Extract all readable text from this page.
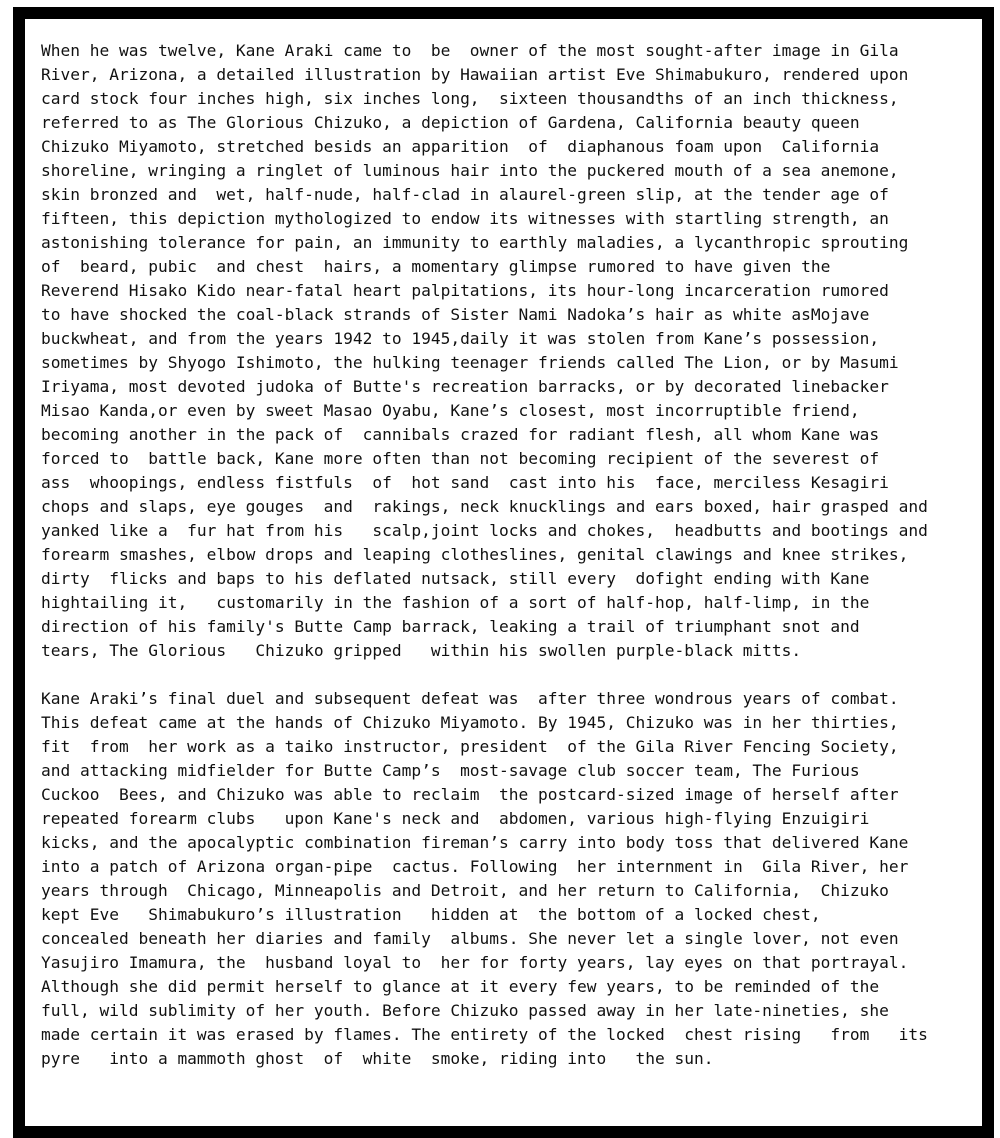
When he was twelve, Kane Araki came to  be  owner of the most sought-after image in Gila
River, Arizona, a detailed illustration by Hawaiian artist Eve Shimabukuro, rendered upon
card stock four inches high, six inches long,  sixteen thousandths of an inch thickness,
referred to as The Glorious Chizuko, a depiction of Gardena, California beauty queen
Chizuko Miyamoto, stretched besids an apparition  of  diaphanous foam upon  California
shoreline, wringing a ringlet of luminous hair into the puckered mouth of a sea anemone,
skin bronzed and  wet, half-nude, half-clad in alaurel-green slip, at the tender age of
fifteen, this depiction mythologized to endow its witnesses with startling strength, an
astonishing tolerance for pain, an immunity to earthly maladies, a lycanthropic sprouting
of  beard, pubic  and chest  hairs, a momentary glimpse rumored to have given the
Reverend Hisako Kido near-fatal heart palpitations, its hour-long incarceration rumored
to have shocked the coal-black strands of Sister Nami Nadoka’s hair as white asMojave
buckwheat, and from the years 1942 to 1945,daily it was stolen from Kane’s possession,
sometimes by Shyogo Ishimoto, the hulking teenager friends called The Lion, or by Masumi
Iriyama, most devoted judoka of Butte's recreation barracks, or by decorated linebacker
Misao Kanda,or even by sweet Masao Oyabu, Kane’s closest, most incorruptible friend,
becoming another in the pack of  cannibals crazed for radiant flesh, all whom Kane was
forced to  battle back, Kane more often than not becoming recipient of the severest of
ass  whoopings, endless fistfuls  of  hot sand  cast into his  face, merciless Kesagiri
chops and slaps, eye gouges  and  rakings, neck knucklings and ears boxed, hair grasped and
yanked like a  fur hat from his   scalp,joint locks and chokes,  headbutts and bootings and
forearm smashes, elbow drops and leaping clotheslines, genital clawings and knee strikes,
dirty  flicks and baps to his deflated nutsack, still every  dofight ending with Kane
hightailing it,   customarily in the fashion of a sort of half-hop, half-limp, in the
direction of his family's Butte Camp barrack, leaking a trail of triumphant snot and
tears, The Glorious   Chizuko gripped   within his swollen purple-black mitts.
Kane Araki’s final duel and subsequent defeat was  after three wondrous years of combat.
This defeat came at the hands of Chizuko Miyamoto. By 1945, Chizuko was in her thirties,
fit  from  her work as a taiko instructor, president  of the Gila River Fencing Society,
and attacking midfielder for Butte Camp’s  most-savage club soccer team, The Furious
Cuckoo  Bees, and Chizuko was able to reclaim  the postcard-sized image of herself after
repeated forearm clubs   upon Kane's neck and  abdomen, various high-flying Enzuigiri
kicks, and the apocalyptic combination fireman’s carry into body toss that delivered Kane
into a patch of Arizona organ-pipe  cactus. Following  her internment in  Gila River, her
years through  Chicago, Minneapolis and Detroit, and her return to California,  Chizuko
kept Eve   Shimabukuro’s illustration   hidden at  the bottom of a locked chest,
concealed beneath her diaries and family  albums. She never let a single lover, not even
Yasujiro Imamura, the  husband loyal to  her for forty years, lay eyes on that portrayal.
Although she did permit herself to glance at it every few years, to be reminded of the
full, wild sublimity of her youth. Before Chizuko passed away in her late-nineties, she
made certain it was erased by flames. The entirety of the locked  chest rising   from   its
pyre   into a mammoth ghost  of  white  smoke, riding into   the sun.
